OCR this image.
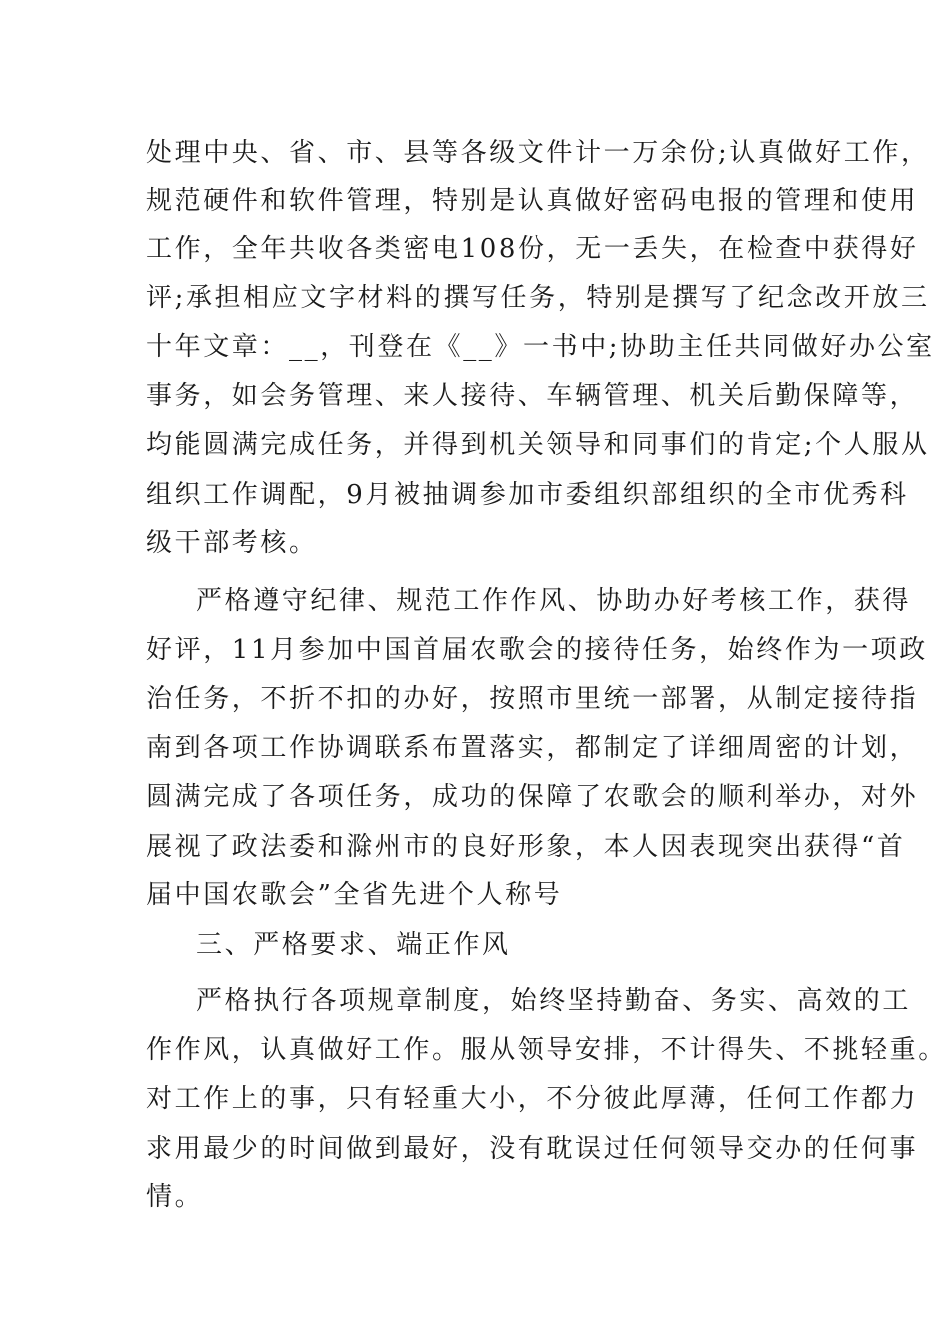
处理中央、省、市、县等各级文件计一万余份;认真做好工作，
规范硬件和软件管理，特别是认真做好密码电报的管理和使用
工作，全年共收各类密电108份，无一丢失，在检查中获得好
评;承担相应文字材料的撰写任务，特别是撰写了纪念改开放三
十年文章：__，刊登在《__》一书中;协助主任共同做好办公室
事务，如会务管理、来人接待、车辆管理、机关后勤保障等，
均能圆满完成任务，并得到机关领导和同事们的肯定;个人服从
组织工作调配，9月被抽调参加市委组织部组织的全市优秀科
级干部考核。
严格遵守纪律、规范工作作风、协助办好考核工作，获得
好评，11月参加中国首届农歌会的接待任务，始终作为一项政
治任务，不折不扣的办好，按照市里统一部署，从制定接待指
南到各项工作协调联系布置落实，都制定了详细周密的计划，
圆满完成了各项任务，成功的保障了农歌会的顺利举办，对外
展视了政法委和滁州市的良好形象，本人因表现突出获得“首
届中国农歌会”全省先进个人称号
三、严格要求、端正作风
严格执行各项规章制度，始终坚持勤奋、务实、高效的工
作作风，认真做好工作。服从领导安排，不计得失、不挑轻重。
对工作上的事，只有轻重大小，不分彼此厚薄，任何工作都力
求用最少的时间做到最好，没有耽误过任何领导交办的任何事
情。
